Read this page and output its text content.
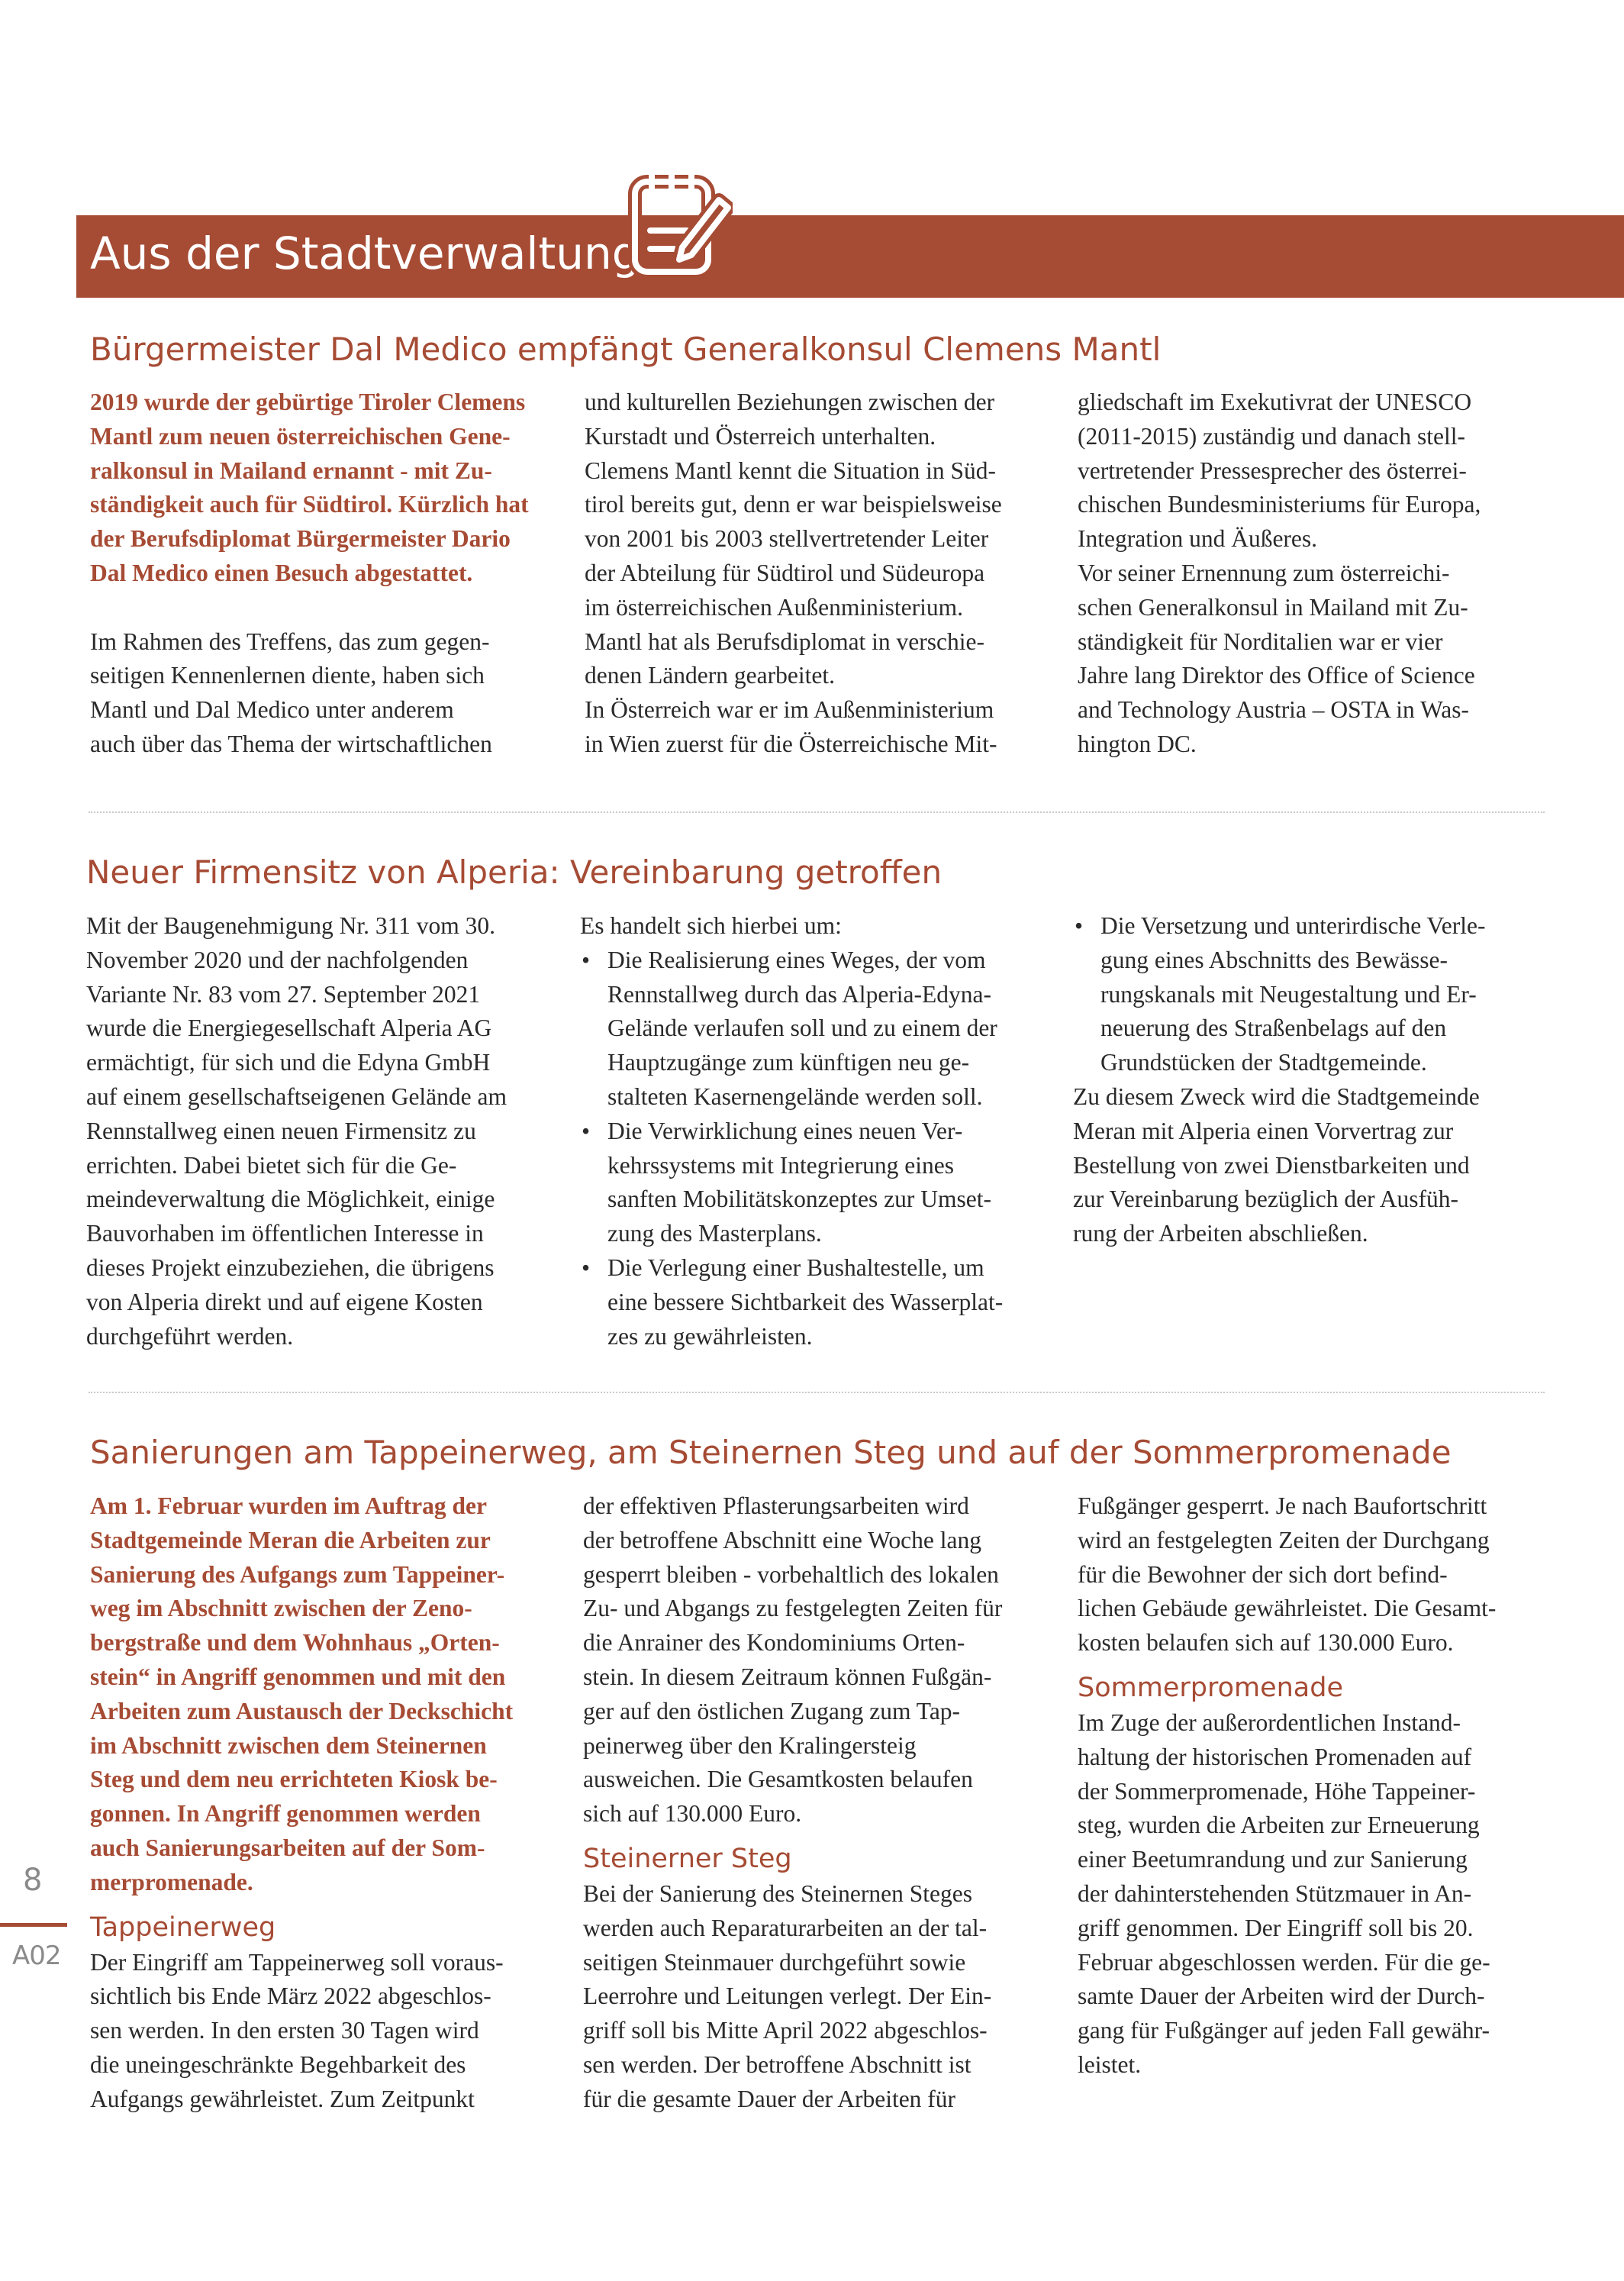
Aus der Stadtverwaltung
Bürgermeister Dal Medico empfängt Generalkonsul Clemens Mantl

2019 wurde der gebürtige Tiroler Clemens
Mantl zum neuen österreichischen Gene-
ralkonsul in Mailand ernannt - mit Zu-
ständigkeit auch für Südtirol. Kürzlich hat
der Berufsdiplomat Bürgermeister Dario
Dal Medico einen Besuch abgestattet.

Im Rahmen des Treffens, das zum gegen-
seitigen Kennenlernen diente, haben sich
Mantl und Dal Medico unter anderem
auch über das Thema der wirtschaftlichen

und kulturellen Beziehungen zwischen der
Kurstadt und Österreich unterhalten.
Clemens Mantl kennt die Situation in Süd-
tirol bereits gut, denn er war beispielsweise
von 2001 bis 2003 stellvertretender Leiter
der Abteilung für Südtirol und Südeuropa
im österreichischen Außenministerium.
Mantl hat als Berufsdiplomat in verschie-
denen Ländern gearbeitet.
In Österreich war er im Außenministerium
in Wien zuerst für die Österreichische Mit-

gliedschaft im Exekutivrat der UNESCO
(2011-2015) zuständig und danach stell-
vertretender Pressesprecher des österrei-
chischen Bundesministeriums für Europa,
Integration und Äußeres.
Vor seiner Ernennung zum österreichi-
schen Generalkonsul in Mailand mit Zu-
ständigkeit für Norditalien war er vier
Jahre lang Direktor des Office of Science
and Technology Austria – OSTA in Was-
hington DC.

Neuer Firmensitz von Alperia: Vereinbarung getroffen

Mit der Baugenehmigung Nr. 311 vom 30.
November 2020 und der nachfolgenden
Variante Nr. 83 vom 27. September 2021
wurde die Energiegesellschaft Alperia AG
ermächtigt, für sich und die Edyna GmbH
auf einem gesellschaftseigenen Gelände am
Rennstallweg einen neuen Firmensitz zu
errichten. Dabei bietet sich für die Ge-
meindeverwaltung die Möglichkeit, einige
Bauvorhaben im öffentlichen Interesse in
dieses Projekt einzubeziehen, die übrigens
von Alperia direkt und auf eigene Kosten
durchgeführt werden.

Es handelt sich hierbei um:

• Die Realisierung eines Weges, der vom
Rennstallweg durch das Alperia-Edyna-
Gelände verlaufen soll und zu einem der
Hauptzugänge zum künftigen neu ge-
stalteten Kasernengelände werden soll.
• Die Verwirklichung eines neuen Ver-
kehrssystems mit Integrierung eines
sanften Mobilitätskonzeptes zur Umset-
zung des Masterplans.
• Die Verlegung einer Bushaltestelle, um
eine bessere Sichtbarkeit des Wasserplat-
zes zu gewährleisten.
• Die Versetzung und unterirdische Verle-
gung eines Abschnitts des Bewässe-
rungskanals mit Neugestaltung und Er-
neuerung des Straßenbelags auf den
Grundstücken der Stadtgemeinde.

Zu diesem Zweck wird die Stadtgemeinde
Meran mit Alperia einen Vorvertrag zur
Bestellung von zwei Dienstbarkeiten und
zur Vereinbarung bezüglich der Ausfüh-
rung der Arbeiten abschließen.

Sanierungen am Tappeinerweg, am Steinernen Steg und auf der Sommerpromenade

Am 1. Februar wurden im Auftrag der
Stadtgemeinde Meran die Arbeiten zur
Sanierung des Aufgangs zum Tappeiner-
weg im Abschnitt zwischen der Zeno-
bergstraße und dem Wohnhaus „Orten-
stein“ in Angriff genommen und mit den
Arbeiten zum Austausch der Deckschicht
im Abschnitt zwischen dem Steinernen
Steg und dem neu errichteten Kiosk be-
gonnen. In Angriff genommen werden
auch Sanierungsarbeiten auf der Som-
merpromenade.

Tappeinerweg

Der Eingriff am Tappeinerweg soll voraus-
sichtlich bis Ende März 2022 abgeschlos-
sen werden. In den ersten 30 Tagen wird
die uneingeschränkte Begehbarkeit des
Aufgangs gewährleistet. Zum Zeitpunkt

der effektiven Pflasterungsarbeiten wird
der betroffene Abschnitt eine Woche lang
gesperrt bleiben - vorbehaltlich des lokalen
Zu- und Abgangs zu festgelegten Zeiten für
die Anrainer des Kondominiums Orten-
stein. In diesem Zeitraum können Fußgän-
ger auf den östlichen Zugang zum Tap-
peinerweg über den Kralingersteig
ausweichen. Die Gesamtkosten belaufen
sich auf 130.000 Euro.

Steinerner Steg

Bei der Sanierung des Steinernen Steges
werden auch Reparaturarbeiten an der tal-
seitigen Steinmauer durchgeführt sowie
Leerrohre und Leitungen verlegt. Der Ein-
griff soll bis Mitte April 2022 abgeschlos-
sen werden. Der betroffene Abschnitt ist
für die gesamte Dauer der Arbeiten für

Fußgänger gesperrt. Je nach Baufortschritt
wird an festgelegten Zeiten der Durchgang
für die Bewohner der sich dort befind-
lichen Gebäude gewährleistet. Die Gesamt-
kosten belaufen sich auf 130.000 Euro.

Sommerpromenade

Im Zuge der außerordentlichen Instand-
haltung der historischen Promenaden auf
der Sommerpromenade, Höhe Tappeiner-
steg, wurden die Arbeiten zur Erneuerung
einer Beetumrandung und zur Sanierung
der dahinterstehenden Stützmauer in An-
griff genommen. Der Eingriff soll bis 20.
Februar abgeschlossen werden. Für die ge-
samte Dauer der Arbeiten wird der Durch-
gang für Fußgänger auf jeden Fall gewähr-
leistet.

8
A02
